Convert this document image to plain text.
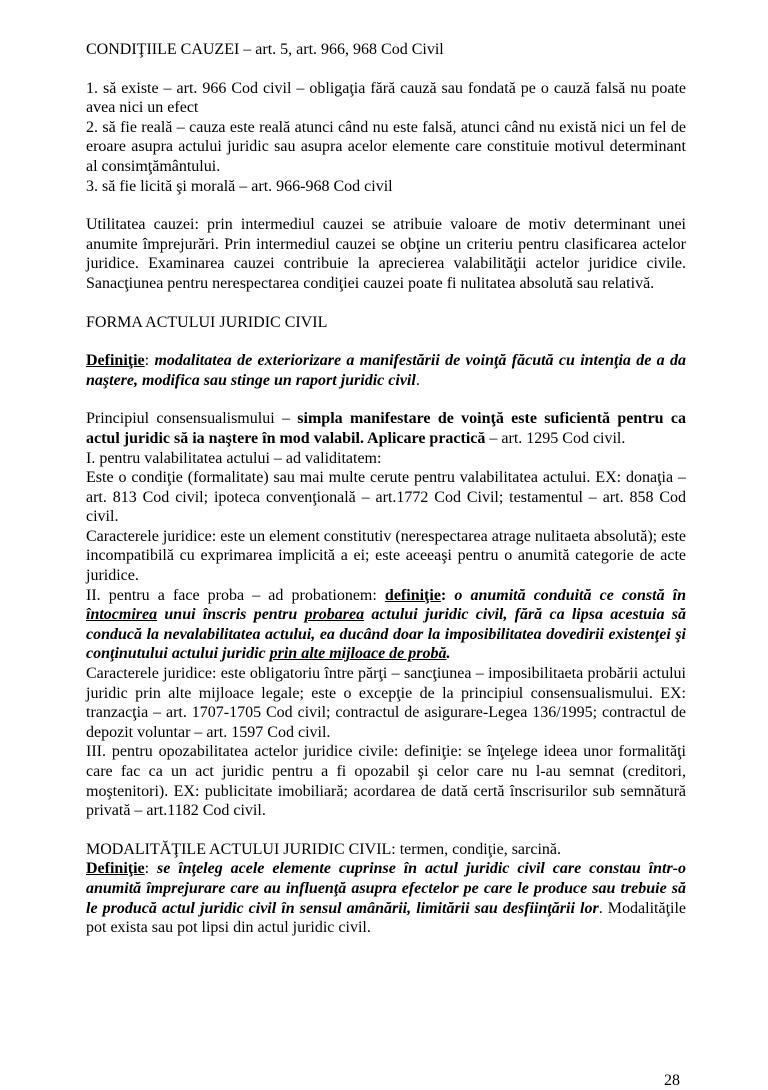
CONDIŢIILE CAUZEI – art. 5, art. 966, 968 Cod Civil

1. să existe – art. 966 Cod civil – obligaţia fără cauză sau fondată pe o cauză falsă nu poate avea nici un efect

2. să fie reală – cauza este reală atunci când nu este falsă, atunci când nu există nici un fel de eroare asupra actului juridic sau asupra acelor elemente care constituie motivul determinant al consimţământului.

3. să fie licită şi morală – art. 966-968 Cod civil

Utilitatea cauzei: prin intermediul cauzei se atribuie valoare de motiv determinant unei anumite împrejurări. Prin intermediul cauzei se obţine un criteriu pentru clasificarea actelor juridice. Examinarea cauzei contribuie la aprecierea valabilităţii actelor juridice civile. Sanacţiunea pentru nerespectarea condiţiei cauzei poate fi nulitatea absolută sau relativă.

FORMA ACTULUI JURIDIC CIVIL

Definiţie: modalitatea de exteriorizare a manifestării de voinţă făcută cu intenţia de a da naştere, modifica sau stinge un raport juridic civil.

Principiul consensualismului – simpla manifestare de voinţă este suficientă pentru ca actul juridic să ia naştere în mod valabil. Aplicare practică – art. 1295 Cod civil.

I. pentru valabilitatea actului – ad validitatem:

Este o condiţie (formalitate) sau mai multe cerute pentru valabilitatea actului. EX: donaţia – art. 813 Cod civil; ipoteca convenţională – art.1772 Cod Civil; testamentul – art. 858 Cod civil.

Caracterele juridice: este un element constitutiv (nerespectarea atrage nulitaeta absolută); este incompatibilă cu exprimarea implicită a ei; este aceeaşi pentru o anumită categorie de acte juridice.

II. pentru a face proba – ad probationem: definiţie: o anumită conduită ce constă în întocmirea unui înscris pentru probarea actului juridic civil, fără ca lipsa acestuia să conducă la nevalabilitatea actului, ea ducând doar la imposibilitatea dovedirii existenţei şi conţinutului actului juridic prin alte mijloace de probă.

Caracterele juridice: este obligatoriu între părţi – sancţiunea – imposibilitaeta probării actului juridic prin alte mijloace legale; este o excepţie de la principiul consensualismului. EX: tranzacţia – art. 1707-1705 Cod civil; contractul de asigurare-Legea 136/1995; contractul de depozit voluntar – art. 1597 Cod civil.

III. pentru opozabilitatea actelor juridice civile: definiţie: se înţelege ideea unor formalităţi care fac ca un act juridic pentru a fi opozabil şi celor care nu l-au semnat (creditori, moştenitori). EX: publicitate imobiliară; acordarea de dată certă înscrisurilor sub semnătură privată – art.1182 Cod civil.

MODALITĂŢILE ACTULUI JURIDIC CIVIL: termen, condiţie, sarcină.

Definiţie: se înţeleg acele elemente cuprinse în actul juridic civil care constau într-o anumită împrejurare care au influenţă asupra efectelor pe care le produce sau trebuie să le producă actul juridic civil în sensul amânării, limitării sau desfiinţării lor. Modalităţile pot exista sau pot lipsi din actul juridic civil.

28
